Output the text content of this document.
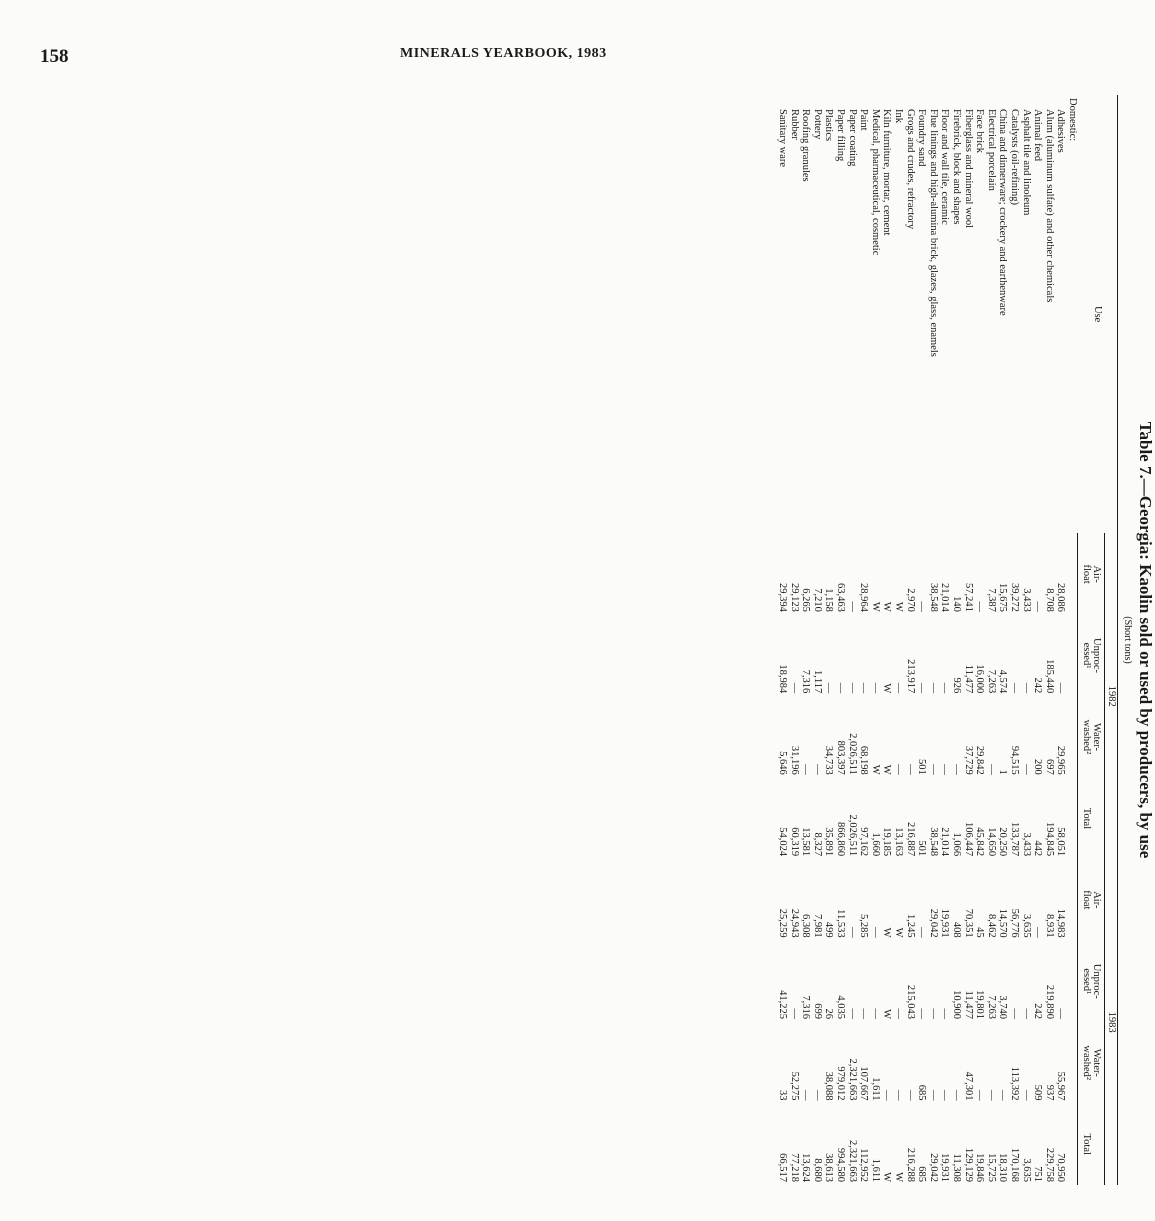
158	MINERALS YEARBOOK, 1983
Table 7.—Georgia: Kaolin sold or used by producers, by use
(Short tons)
Use								
	1982				1983			
	Air-
float	Unproc-
essed¹	Water-
washed²	Total	Air-
float	Unproc-
essed¹	Water-
washed²	Total
Domestic:								
Adhesives	28,086	—	29,965	58,051	14,983	—	55,967	70,950
Alum (aluminum sulfate) and other chemicals	8,708	185,440	697	194,845	8,931	219,890	937	229,758
Animal feed	—	242	200	442	—	242	509	751
Asphalt tile and linoleum	3,433	—	—	3,433	3,635	—	—	3,635
Catalysts (oil-refining)	39,272	—	94,515	133,787	56,776	—	113,392	170,168
China and dinnerware; crockery and earthenware	15,675	4,574	1	20,250	14,570	3,740	—	18,310
Electrical porcelain	7,387	7,263	—	14,650	8,462	7,263	—	15,725
Face brick	—	16,000	29,842	45,842	45	19,801	—	19,846
Fiberglass and mineral wool	57,241	11,477	37,729	106,447	70,351	11,477	47,301	129,129
Firebrick, block and shapes	140	926	—	1,066	408	10,900	—	11,308
Floor and wall tile, ceramic	21,014	—	—	21,014	19,931	—	—	19,931
Flue linings and high-alumina brick, glazes, glass, enamels	38,548	—	—	38,548	29,042	—	—	29,042
Foundry sand	—	—	501	501	—	—	685	685
Grogs and crudes, refractory	2,970	213,917	—	216,887	1,245	215,043	—	216,288
Ink	W	—	—	13,163	W	—	—	W
Kiln furniture, mortar, cement	W	W	W	19,185	W	W	—	W
Medical, pharmaceutical, cosmetic	W	—	W	1,660	—	—	1,611	1,611
Paint	28,964	—	68,198	97,162	5,285	—	107,667	112,952
Paper coating	—	—	2,026,511	2,026,511	—	—	2,321,663	2,321,663
Paper filling	63,463	—	803,397	866,860	11,533	4,035	979,012	994,580
Plastics	1,158	—	34,733	35,891	499	26	38,088	38,613
Pottery	7,210	1,117	—	8,327	7,981	699	—	8,680
Roofing granules	6,265	7,316	—	13,581	6,308	7,316	—	13,624
Rubber	29,123	—	31,196	60,319	24,943	—	52,275	77,218
Sanitary ware	29,394	18,984	5,646	54,024	25,259	41,225	33	66,517
